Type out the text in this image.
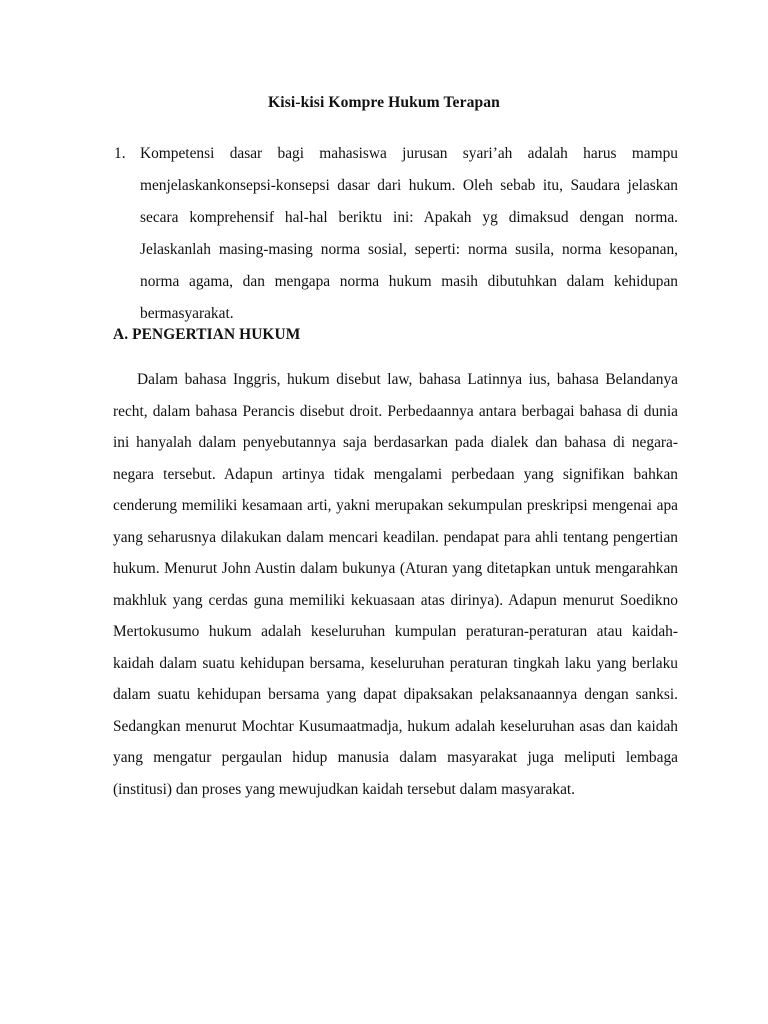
Kisi-kisi Kompre Hukum Terapan
1. Kompetensi dasar bagi mahasiswa jurusan syari’ah adalah harus mampu menjelaskankonsepsi-konsepsi dasar dari hukum. Oleh sebab itu, Saudara jelaskan secara komprehensif hal-hal beriktu ini: Apakah yg dimaksud dengan norma. Jelaskanlah masing-masing norma sosial, seperti: norma susila, norma kesopanan, norma agama, dan mengapa norma hukum masih dibutuhkan dalam kehidupan bermasyarakat.
A. PENGERTIAN HUKUM
Dalam bahasa Inggris, hukum disebut law, bahasa Latinnya ius, bahasa Belandanya recht, dalam bahasa Perancis disebut droit. Perbedaannya antara berbagai bahasa di dunia ini hanyalah dalam penyebutannya saja berdasarkan pada dialek dan bahasa di negara-negara tersebut. Adapun artinya tidak mengalami perbedaan yang signifikan bahkan cenderung memiliki kesamaan arti, yakni merupakan sekumpulan preskripsi mengenai apa yang seharusnya dilakukan dalam mencari keadilan. pendapat para ahli tentang pengertian hukum. Menurut John Austin dalam bukunya (Aturan yang ditetapkan untuk mengarahkan makhluk yang cerdas guna memiliki kekuasaan atas dirinya). Adapun menurut Soedikno Mertokusumo hukum adalah keseluruhan kumpulan peraturan-peraturan atau kaidah-kaidah dalam suatu kehidupan bersama, keseluruhan peraturan tingkah laku yang berlaku dalam suatu kehidupan bersama yang dapat dipaksakan pelaksanaannya dengan sanksi. Sedangkan menurut Mochtar Kusumaatmadja, hukum adalah keseluruhan asas dan kaidah yang mengatur pergaulan hidup manusia dalam masyarakat juga meliputi lembaga (institusi) dan proses yang mewujudkan kaidah tersebut dalam masyarakat.
